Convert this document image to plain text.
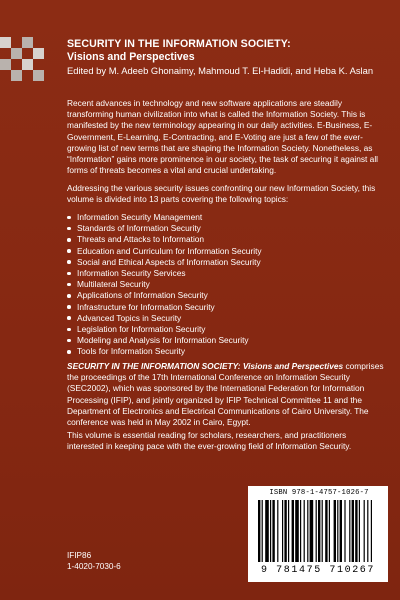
SECURITY IN THE INFORMATION SOCIETY:
Visions and Perspectives
Edited by M. Adeeb Ghonaimy, Mahmoud T. El-Hadidi, and Heba K. Aslan

Recent advances in technology and new software applications are steadily transforming human civilization into what is called the Information Society. This is manifested by the new terminology appearing in our daily activities. E-Business, E-Government, E-Learning, E-Contracting, and E-Voting are just a few of the ever-growing list of new terms that are shaping the Information Society. Nonetheless, as “Information” gains more prominence in our society, the task of securing it against all forms of threats becomes a vital and crucial undertaking.

Addressing the various security issues confronting our new Information Society, this volume is divided into 13 parts covering the following topics:

Information Security Management
Standards of Information Security
Threats and Attacks to Information
Education and Curriculum for Information Security
Social and Ethical Aspects of Information Security
Information Security Services
Multilateral Security
Applications of Information Security
Infrastructure for Information Security
Advanced Topics in Security
Legislation for Information Security
Modeling and Analysis for Information Security
Tools for Information Security

SECURITY IN THE INFORMATION SOCIETY: Visions and Perspectives comprises the proceedings of the 17th International Conference on Information Security (SEC2002), which was sponsored by the International Federation for Information Processing (IFIP), and jointly organized by IFIP Technical Committee 11 and the Department of Electronics and Electrical Communications of Cairo University. The conference was held in May 2002 in Cairo, Egypt.

This volume is essential reading for scholars, researchers, and practitioners interested in keeping pace with the ever-growing field of Information Security.

IFIP86
1-4020-7030-6
ISBN 978-1-4757-1026-7
9 781475 710267
